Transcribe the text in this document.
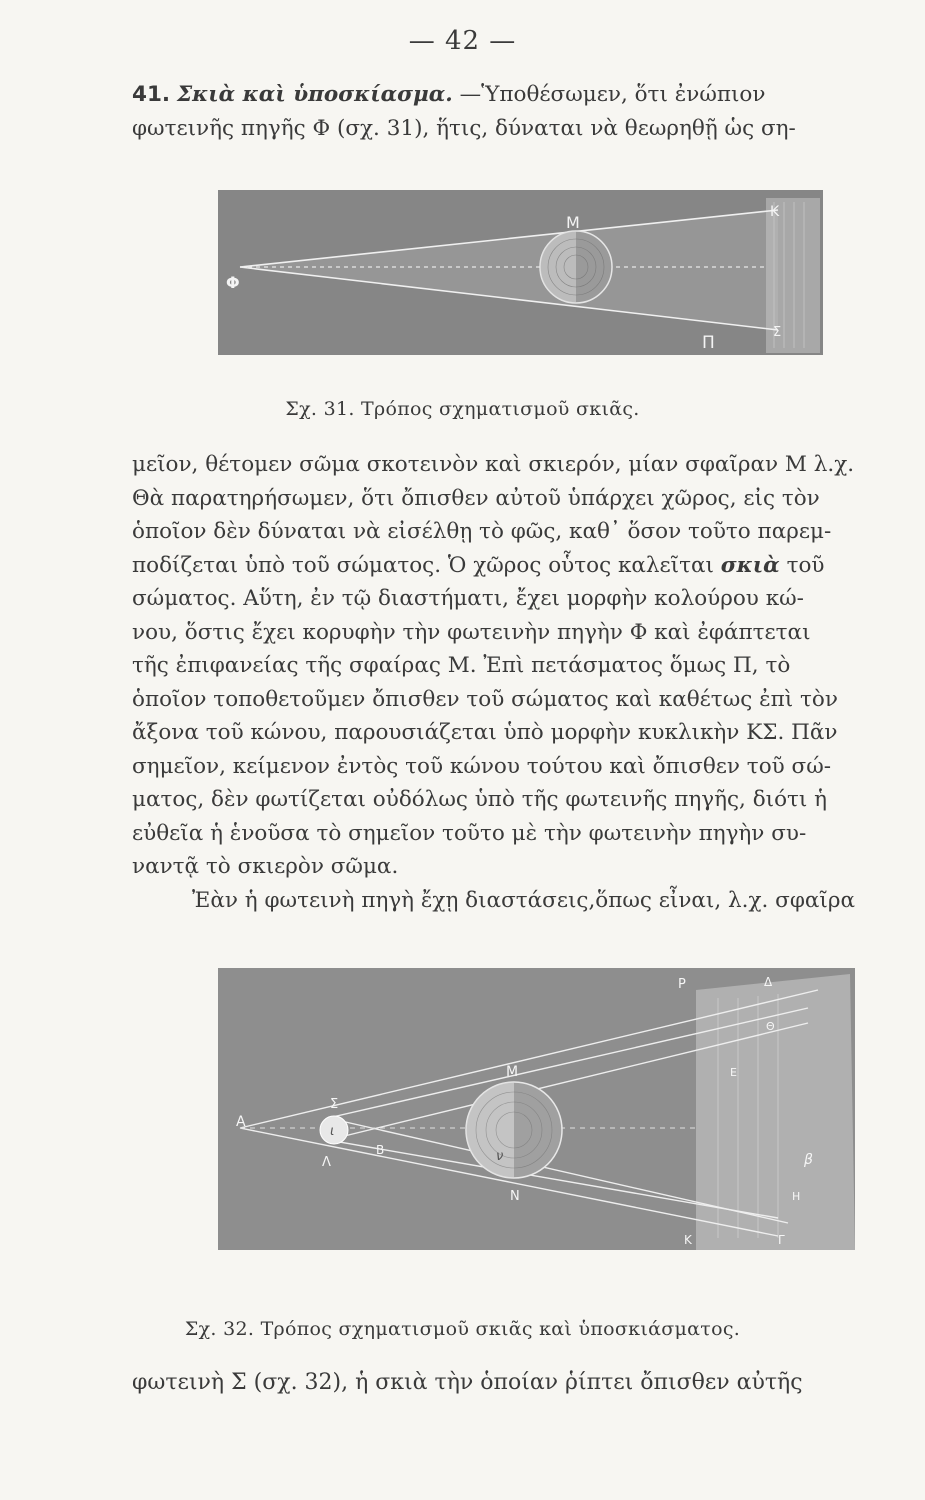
— 42 —
41. Σκιὰ καὶ ὑποσκίασμα. —Ὑποθέσωμεν, ὅτι ἐνώπιον
φωτεινῆς πηγῆς Φ (σχ. 31), ἥτις, δύναται νὰ θεωρηθῇ ὡς ση-
Φ
M
K
Σ
Π
Σχ. 31. Τρόπος σχηματισμοῦ σκιᾶς.
μεῖον, θέτομεν σῶμα σκοτεινὸν καὶ σκιερόν, μίαν σφαῖραν Μ λ.χ.
Θὰ παρατηρήσωμεν, ὅτι ὄπισθεν αὐτοῦ ὑπάρχει χῶρος, εἰς τὸν
ὁποῖον δὲν δύναται νὰ εἰσέλθῃ τὸ φῶς, καθ᾽ ὅσον τοῦτο παρεμ-
ποδίζεται ὑπὸ τοῦ σώματος. Ὁ χῶρος οὗτος καλεῖται σκιὰ τοῦ
σώματος. Αὕτη, ἐν τῷ διαστήματι, ἔχει μορφὴν κολούρου κώ-
νου, ὅστις ἔχει κορυφὴν τὴν φωτεινὴν πηγὴν Φ καὶ ἐφάπτεται
τῆς ἐπιφανείας τῆς σφαίρας Μ. Ἐπὶ πετάσματος ὅμως Π, τὸ
ὁποῖον τοποθετοῦμεν ὄπισθεν τοῦ σώματος καὶ καθέτως ἐπὶ τὸν
ἄξονα τοῦ κώνου, παρουσιάζεται ὑπὸ μορφὴν κυκλικὴν ΚΣ. Πᾶν
σημεῖον, κείμενον ἐντὸς τοῦ κώνου τούτου καὶ ὄπισθεν τοῦ σώ-
ματος, δὲν φωτίζεται οὐδόλως ὑπὸ τῆς φωτεινῆς πηγῆς, διότι ἡ
εὐθεῖα ἡ ἑνοῦσα τὸ σημεῖον τοῦτο μὲ τὴν φωτεινὴν πηγὴν συ-
ναντᾷ τὸ σκιερὸν σῶμα.
Ἐὰν ἡ φωτεινὴ πηγὴ ἔχῃ διαστάσεις,ὅπως εἶναι, λ.χ. σφαῖρα
A
Σ
Λ
ι
B
M
ν
N
P	Δ
Θ
E
β
H
K	Γ
Σχ. 32. Τρόπος σχηματισμοῦ σκιᾶς καὶ ὑποσκιάσματος.
φωτεινὴ Σ (σχ. 32), ἡ σκιὰ τὴν ὁποίαν ῥίπτει ὄπισθεν αὐτῆς
